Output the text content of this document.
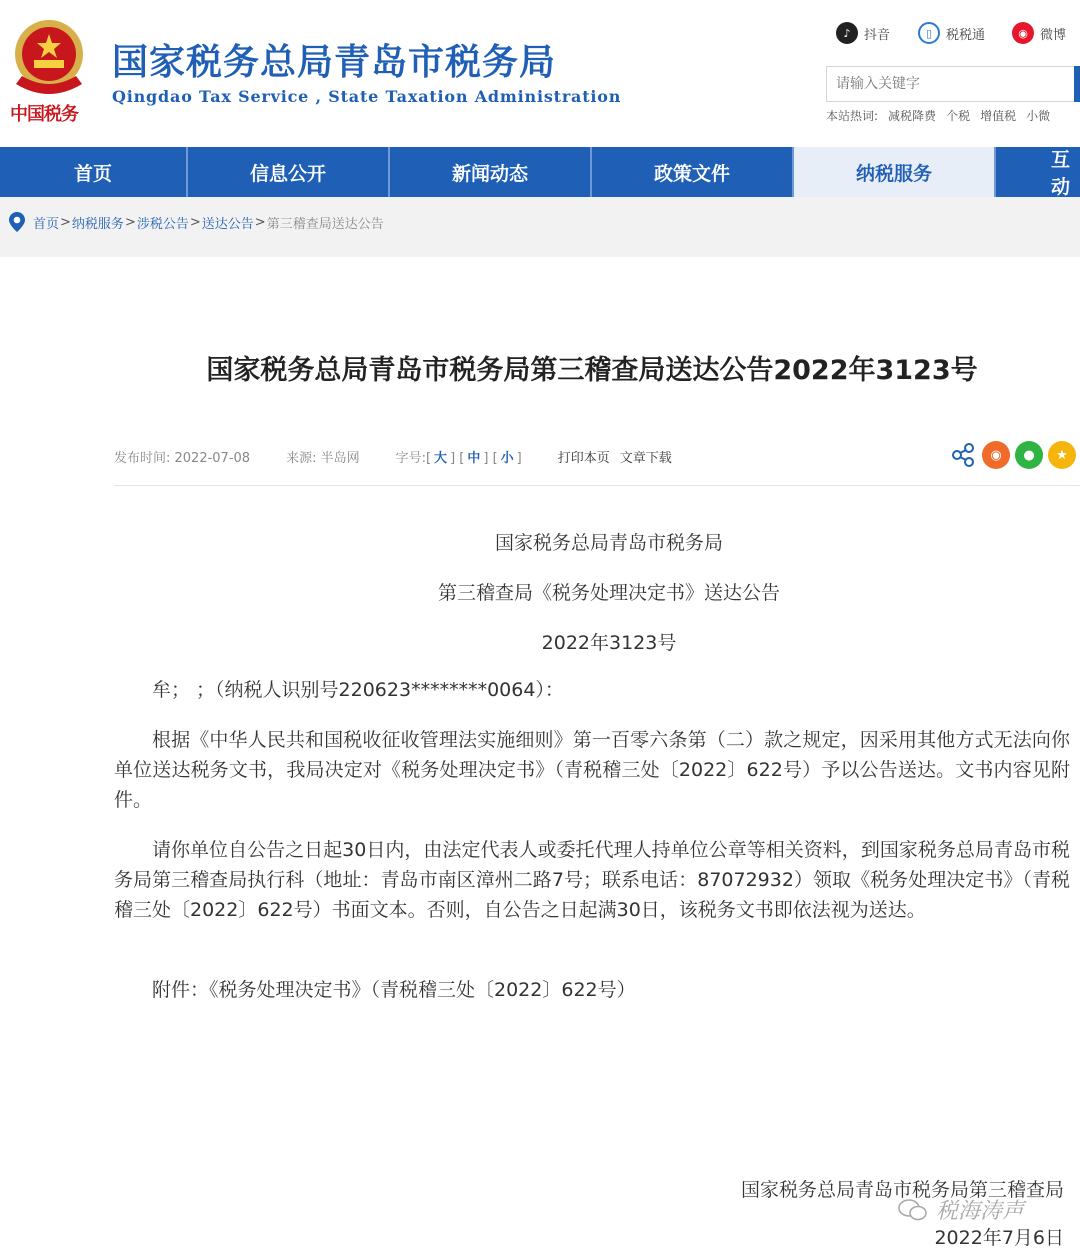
中国税务
国家税务总局青岛市税务局
Qingdao Tax Service , State Taxation Administration
♪	抖音	▯	税税通	◉ 微博
请输入关键字
本站热词: 减税降费 个税 增值税 小微
首页	信息公开	新闻动态	政策文件	纳税服务
互动
首页 > 纳税服务 > 涉税公告 > 送达公告 > 第三稽查局送达公告
国家税务总局青岛市税务局第三稽查局送达公告2022年3123号
发布时间: 2022-07-08	来源: 半岛网	字号:[ 大 ] [ 中 ] [ 小 ]	打印本页 文章下载	◉	●	★
国家税务总局青岛市税务局
第三稽查局《税务处理决定书》送达公告
2022年3123号
牟； ；（纳税人识别号220623********0064）：
根据《中华人民共和国税收征收管理法实施细则》第一百零六条第（二）款之规定，因采用其他方式无法向你单位送达税务文书，我局决定对《税务处理决定书》（青税稽三处〔2022〕622号）予以公告送达。文书内容见附件。
请你单位自公告之日起30日内，由法定代表人或委托代理人持单位公章等相关资料，到国家税务总局青岛市税务局第三稽查局执行科（地址：青岛市南区漳州二路7号；联系电话：87072932）领取《税务处理决定书》（青税稽三处〔2022〕622号）书面文本。否则，自公告之日起满30日，该税务文书即依法视为送达。
附件：《税务处理决定书》（青税稽三处〔2022〕622号）
国家税务总局青岛市税务局第三稽查局
2022年7月6日
税海涛声
